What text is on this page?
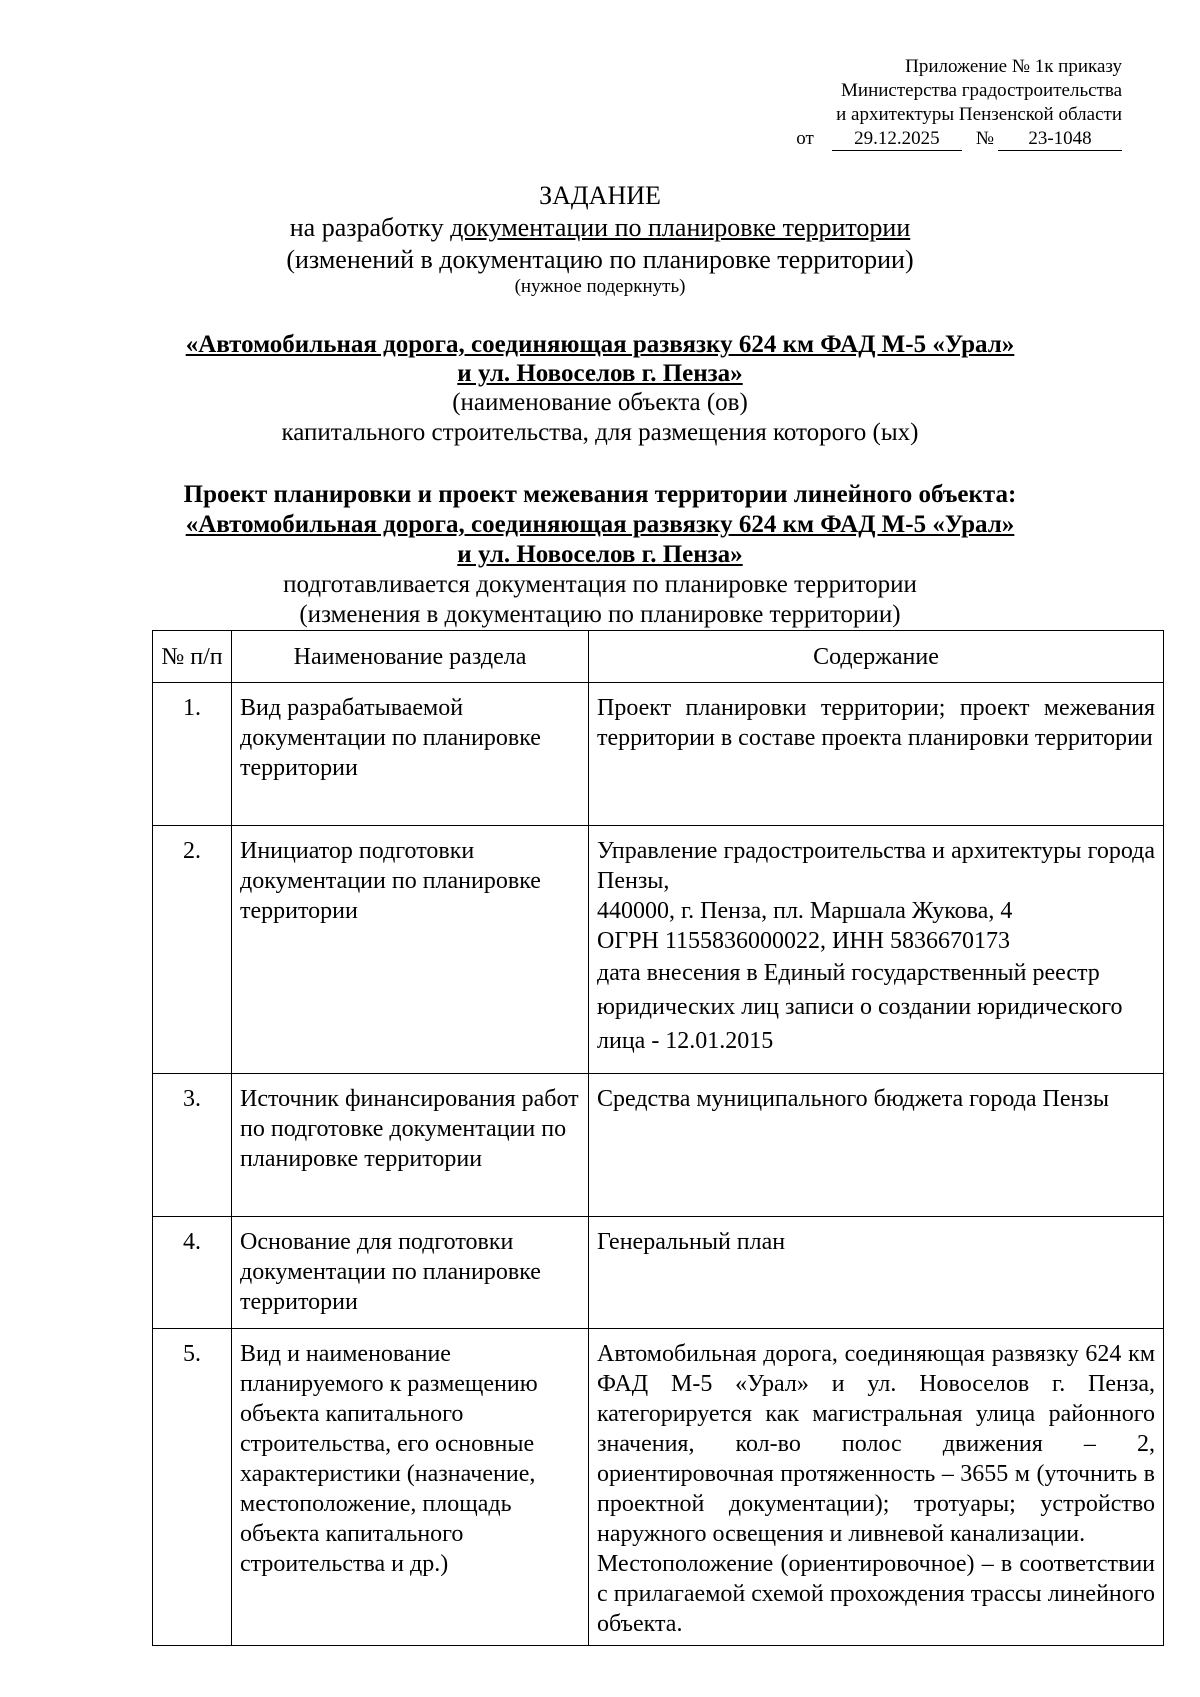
Приложение № 1к приказу
Министерства градостроительства
и архитектуры Пензенской области
от	29.12.2025	№	23-1048
ЗАДАНИЕ
на разработку документации по планировке территории
(изменений в документацию по планировке территории)
(нужное подеркнуть)
«Автомобильная дорога, соединяющая развязку 624 км ФАД М-5 «Урал»
и ул. Новоселов г. Пенза»
(наименование объекта (ов)
капитального строительства, для размещения которого (ых)
Проект планировки и проект межевания территории линейного объекта:
«Автомобильная дорога, соединяющая развязку 624 км ФАД М-5 «Урал»
и ул. Новоселов г. Пенза»
подготавливается документация по планировке территории
(изменения в документацию по планировке территории)
№ п/п	Наименование раздела	Содержание
1.	Вид разрабатываемой документации по планировке территории	Проект планировки территории; проект межевания территории в составе проекта планировки территории
2.	Инициатор подготовки документации по планировке территории	Управление градостроительства и архитектуры города Пензы,
440000, г. Пенза, пл. Маршала Жукова, 4
ОГРН 1155836000022, ИНН 5836670173
дата внесения в Единый государственный реестр юридических лиц записи о создании юридического лица - 12.01.2015

3.	Источник финансирования работ по подготовке документации по планировке территории	Средства муниципального бюджета города Пензы
4.	Основание для подготовки документации по планировке территории	Генеральный план
5.	Вид и наименование планируемого к размещению объекта капитального строительства, его основные характеристики (назначение, местоположение, площадь объекта капитального строительства и др.)	Автомобильная дорога, соединяющая развязку 624 км ФАД М-5 «Урал» и ул. Новоселов г. Пенза, категорируется как магистральная улица районного значения, кол-во полос движения – 2, ориентировочная протяженность – 3655 м (уточнить в проектной документации); тротуары; устройство наружного освещения и ливневой канализации.
Местоположение (ориентировочное) – в соответствии с прилагаемой схемой прохождения трассы линейного объекта.
